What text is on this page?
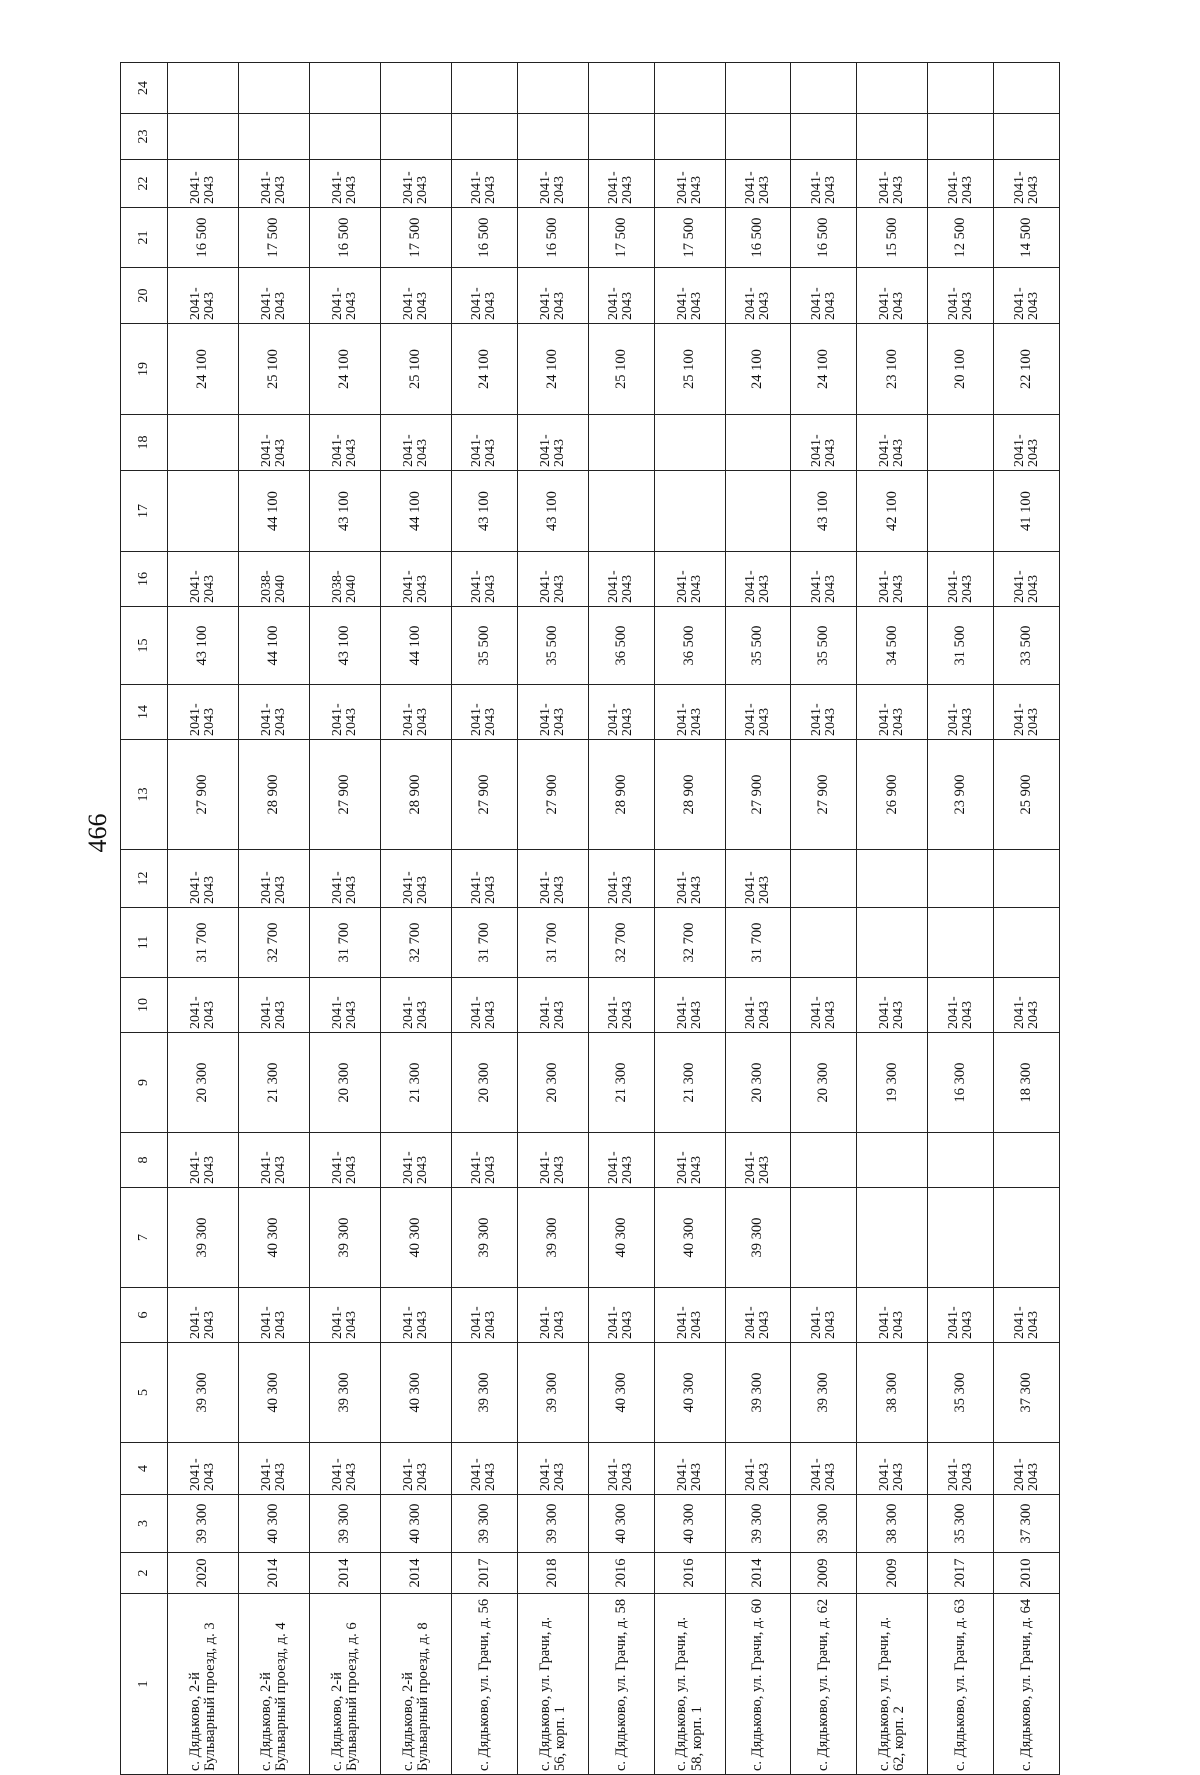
466
1	2	3	4	5	6	7	8	9	10	11	12	13	14	15	16	17	18	19	20	21	22	23	24
с. Дядьково, 2-й Бульварный проезд, д. 3	2020	39 300	2041-2043	39 300	2041-2043	39 300	2041-2043	20 300	2041-2043	31 700	2041-2043	27 900	2041-2043	43 100	2041-2043			24 100	2041-2043	16 500	2041-2043		
с. Дядьково, 2-й Бульварный проезд, д. 4	2014	40 300	2041-2043	40 300	2041-2043	40 300	2041-2043	21 300	2041-2043	32 700	2041-2043	28 900	2041-2043	44 100	2038-2040	44 100	2041-2043	25 100	2041-2043	17 500	2041-2043		
с. Дядьково, 2-й Бульварный проезд, д. 6	2014	39 300	2041-2043	39 300	2041-2043	39 300	2041-2043	20 300	2041-2043	31 700	2041-2043	27 900	2041-2043	43 100	2038-2040	43 100	2041-2043	24 100	2041-2043	16 500	2041-2043		
с. Дядьково, 2-й Бульварный проезд, д. 8	2014	40 300	2041-2043	40 300	2041-2043	40 300	2041-2043	21 300	2041-2043	32 700	2041-2043	28 900	2041-2043	44 100	2041-2043	44 100	2041-2043	25 100	2041-2043	17 500	2041-2043		
с. Дядьково, ул. Грачи, д. 56	2017	39 300	2041-2043	39 300	2041-2043	39 300	2041-2043	20 300	2041-2043	31 700	2041-2043	27 900	2041-2043	35 500	2041-2043	43 100	2041-2043	24 100	2041-2043	16 500	2041-2043		
с. Дядьково, ул. Грачи, д. 56, корп. 1	2018	39 300	2041-2043	39 300	2041-2043	39 300	2041-2043	20 300	2041-2043	31 700	2041-2043	27 900	2041-2043	35 500	2041-2043	43 100	2041-2043	24 100	2041-2043	16 500	2041-2043		
с. Дядьково, ул. Грачи, д. 58	2016	40 300	2041-2043	40 300	2041-2043	40 300	2041-2043	21 300	2041-2043	32 700	2041-2043	28 900	2041-2043	36 500	2041-2043			25 100	2041-2043	17 500	2041-2043		
с. Дядьково, ул. Грачи, д. 58, корп. 1	2016	40 300	2041-2043	40 300	2041-2043	40 300	2041-2043	21 300	2041-2043	32 700	2041-2043	28 900	2041-2043	36 500	2041-2043			25 100	2041-2043	17 500	2041-2043		
с. Дядьково, ул. Грачи, д. 60	2014	39 300	2041-2043	39 300	2041-2043	39 300	2041-2043	20 300	2041-2043	31 700	2041-2043	27 900	2041-2043	35 500	2041-2043			24 100	2041-2043	16 500	2041-2043		
с. Дядьково, ул. Грачи, д. 62	2009	39 300	2041-2043	39 300	2041-2043			20 300	2041-2043			27 900	2041-2043	35 500	2041-2043	43 100	2041-2043	24 100	2041-2043	16 500	2041-2043		
с. Дядьково, ул. Грачи, д. 62, корп. 2	2009	38 300	2041-2043	38 300	2041-2043			19 300	2041-2043			26 900	2041-2043	34 500	2041-2043	42 100	2041-2043	23 100	2041-2043	15 500	2041-2043		
с. Дядьково, ул. Грачи, д. 63	2017	35 300	2041-2043	35 300	2041-2043			16 300	2041-2043			23 900	2041-2043	31 500	2041-2043			20 100	2041-2043	12 500	2041-2043		
с. Дядьково, ул. Грачи, д. 64	2010	37 300	2041-2043	37 300	2041-2043			18 300	2041-2043			25 900	2041-2043	33 500	2041-2043	41 100	2041-2043	22 100	2041-2043	14 500	2041-2043		
